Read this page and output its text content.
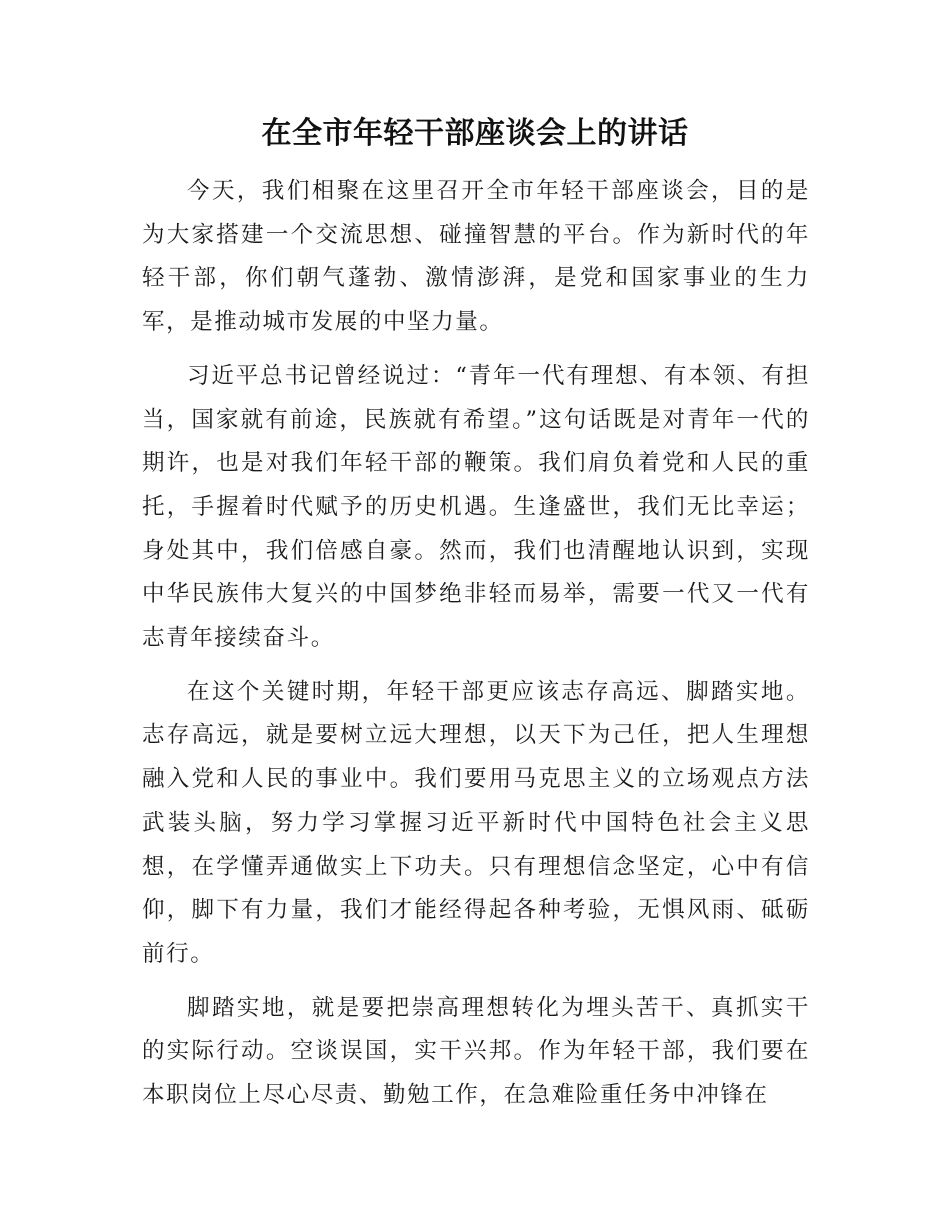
在全市年轻干部座谈会上的讲话

今天，我们相聚在这里召开全市年轻干部座谈会，目的是为大家搭建一个交流思想、碰撞智慧的平台。作为新时代的年轻干部，你们朝气蓬勃、激情澎湃，是党和国家事业的生力军，是推动城市发展的中坚力量。

习近平总书记曾经说过：“青年一代有理想、有本领、有担当，国家就有前途，民族就有希望。”这句话既是对青年一代的期许，也是对我们年轻干部的鞭策。我们肩负着党和人民的重托，手握着时代赋予的历史机遇。生逢盛世，我们无比幸运；身处其中，我们倍感自豪。然而，我们也清醒地认识到，实现中华民族伟大复兴的中国梦绝非轻而易举，需要一代又一代有志青年接续奋斗。

在这个关键时期，年轻干部更应该志存高远、脚踏实地。志存高远，就是要树立远大理想，以天下为己任，把人生理想融入党和人民的事业中。我们要用马克思主义的立场观点方法武装头脑，努力学习掌握习近平新时代中国特色社会主义思想，在学懂弄通做实上下功夫。只有理想信念坚定，心中有信仰，脚下有力量，我们才能经得起各种考验，无惧风雨、砥砺前行。

脚踏实地，就是要把崇高理想转化为埋头苦干、真抓实干的实际行动。空谈误国，实干兴邦。作为年轻干部，我们要在本职岗位上尽心尽责、勤勉工作，在急难险重任务中冲锋在
